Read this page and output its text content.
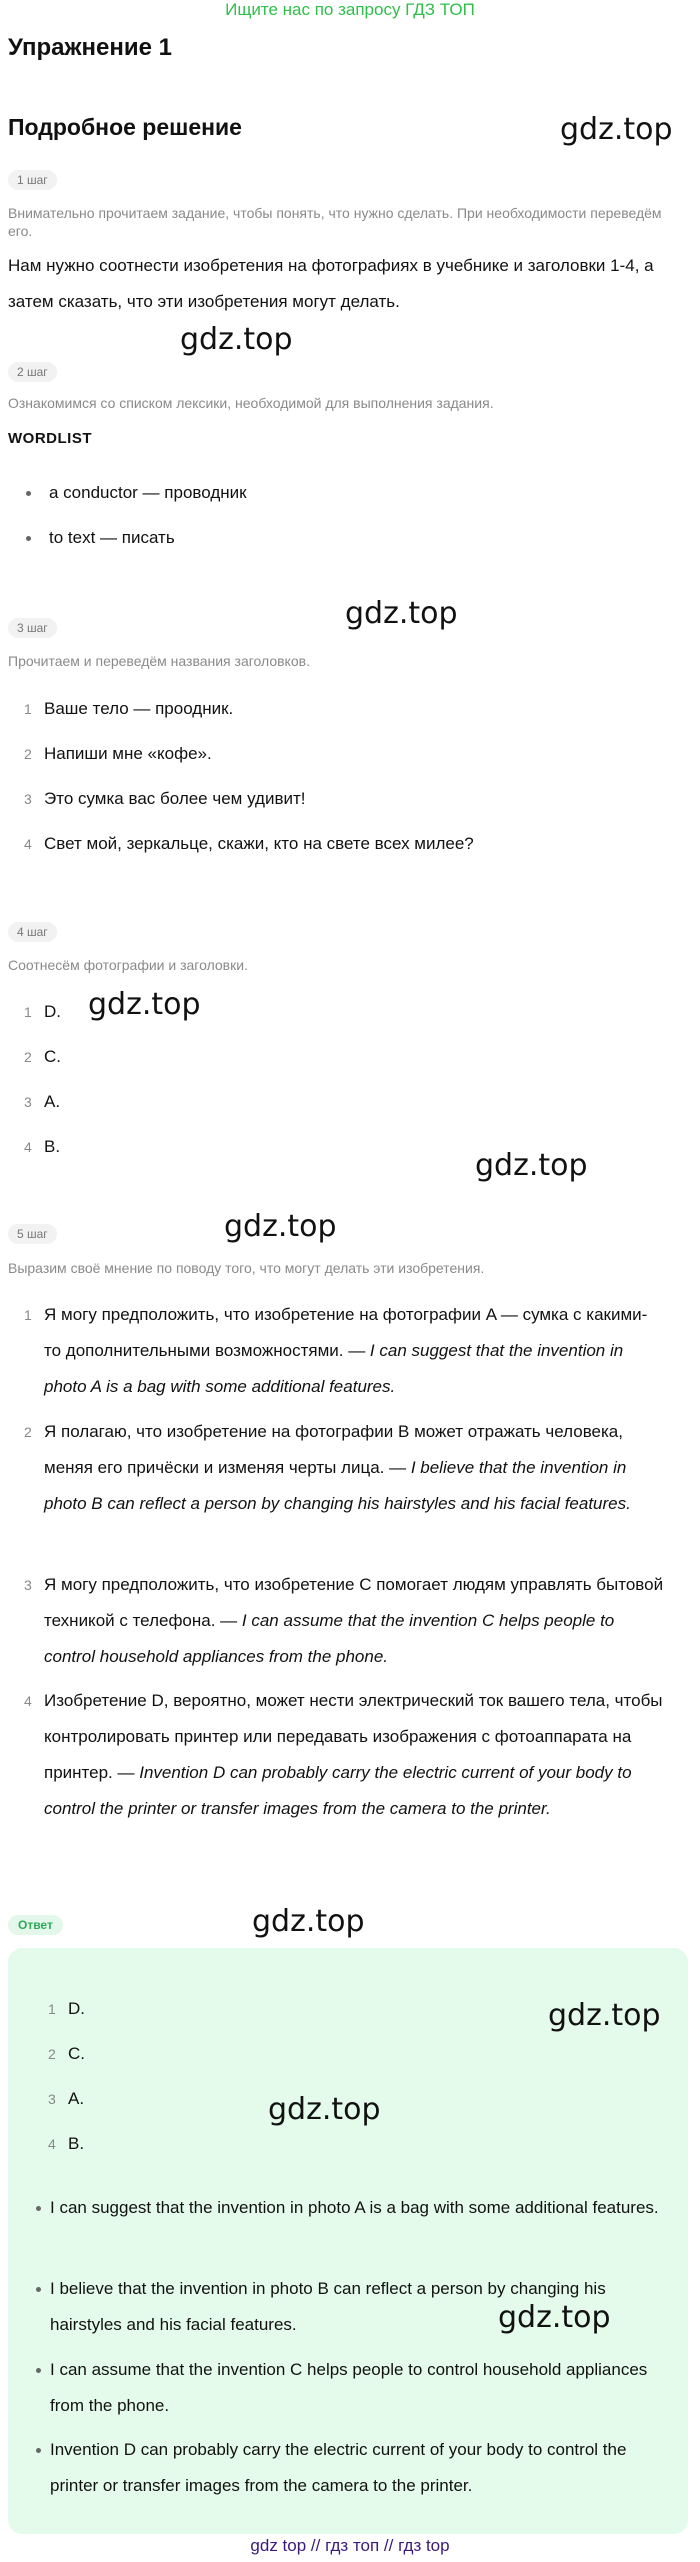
Ищите нас по запросу ГДЗ ТОП
Упражнение 1
Подробное решение	gdz.top
gdz.top
gdz.top
gdz.top
gdz.top
gdz.top
gdz.top
1 шаг
Внимательно прочитаем задание, чтобы понять, что нужно сделать. При необходимости переведём его.
Нам нужно соотнести изобретения на фотографиях в учебнике и заголовки 1-4, а затем сказать, что эти изобретения могут делать.
2 шаг
Ознакомимся со списком лексики, необходимой для выполнения задания.
WORDLIST
a conductor — проводник
to text — писать
3 шаг
Прочитаем и переведём названия заголовков.
1 Ваше тело — проодник.
2 Напиши мне «кофе».
3 Это сумка вас более чем удивит!
4 Свет мой, зеркальце, скажи, кто на свете всех милее?
4 шаг
Соотнесём фотографии и заголовки.
1 D.
2 C.
3 A.
4 B.
5 шаг
Выразим своё мнение по поводу того, что могут делать эти изобретения.
1 Я могу предположить, что изобретение на фотографии A — сумка с какими-то дополнительными возможностями. — I can suggest that the invention in photo A is a bag with some additional features.
2 Я полагаю, что изобретение на фотографии B может отражать человека, меняя его причёски и изменяя черты лица. — I believe that the invention in photo B can reflect a person by changing his hairstyles and his facial features.
3 Я могу предположить, что изобретение C помогает людям управлять бытовой техникой с телефона. — I can assume that the invention C helps people to control household appliances from the phone.
4 Изобретение D, вероятно, может нести электрический ток вашего тела, чтобы контролировать принтер или передавать изображения с фотоаппарата на принтер. — Invention D can probably carry the electric current of your body to control the printer or transfer images from the camera to the printer.
Ответ
gdz.top
gdz.top
gdz.top
1 D.
2 C.
3 A.
4 B.
I can suggest that the invention in photo A is a bag with some additional features.
I believe that the invention in photo B can reflect a person by changing his hairstyles and his facial features.
I can assume that the invention C helps people to control household appliances from the phone.
Invention D can probably carry the electric current of your body to control the printer or transfer images from the camera to the printer.
gdz top // гдз топ // гдз top
